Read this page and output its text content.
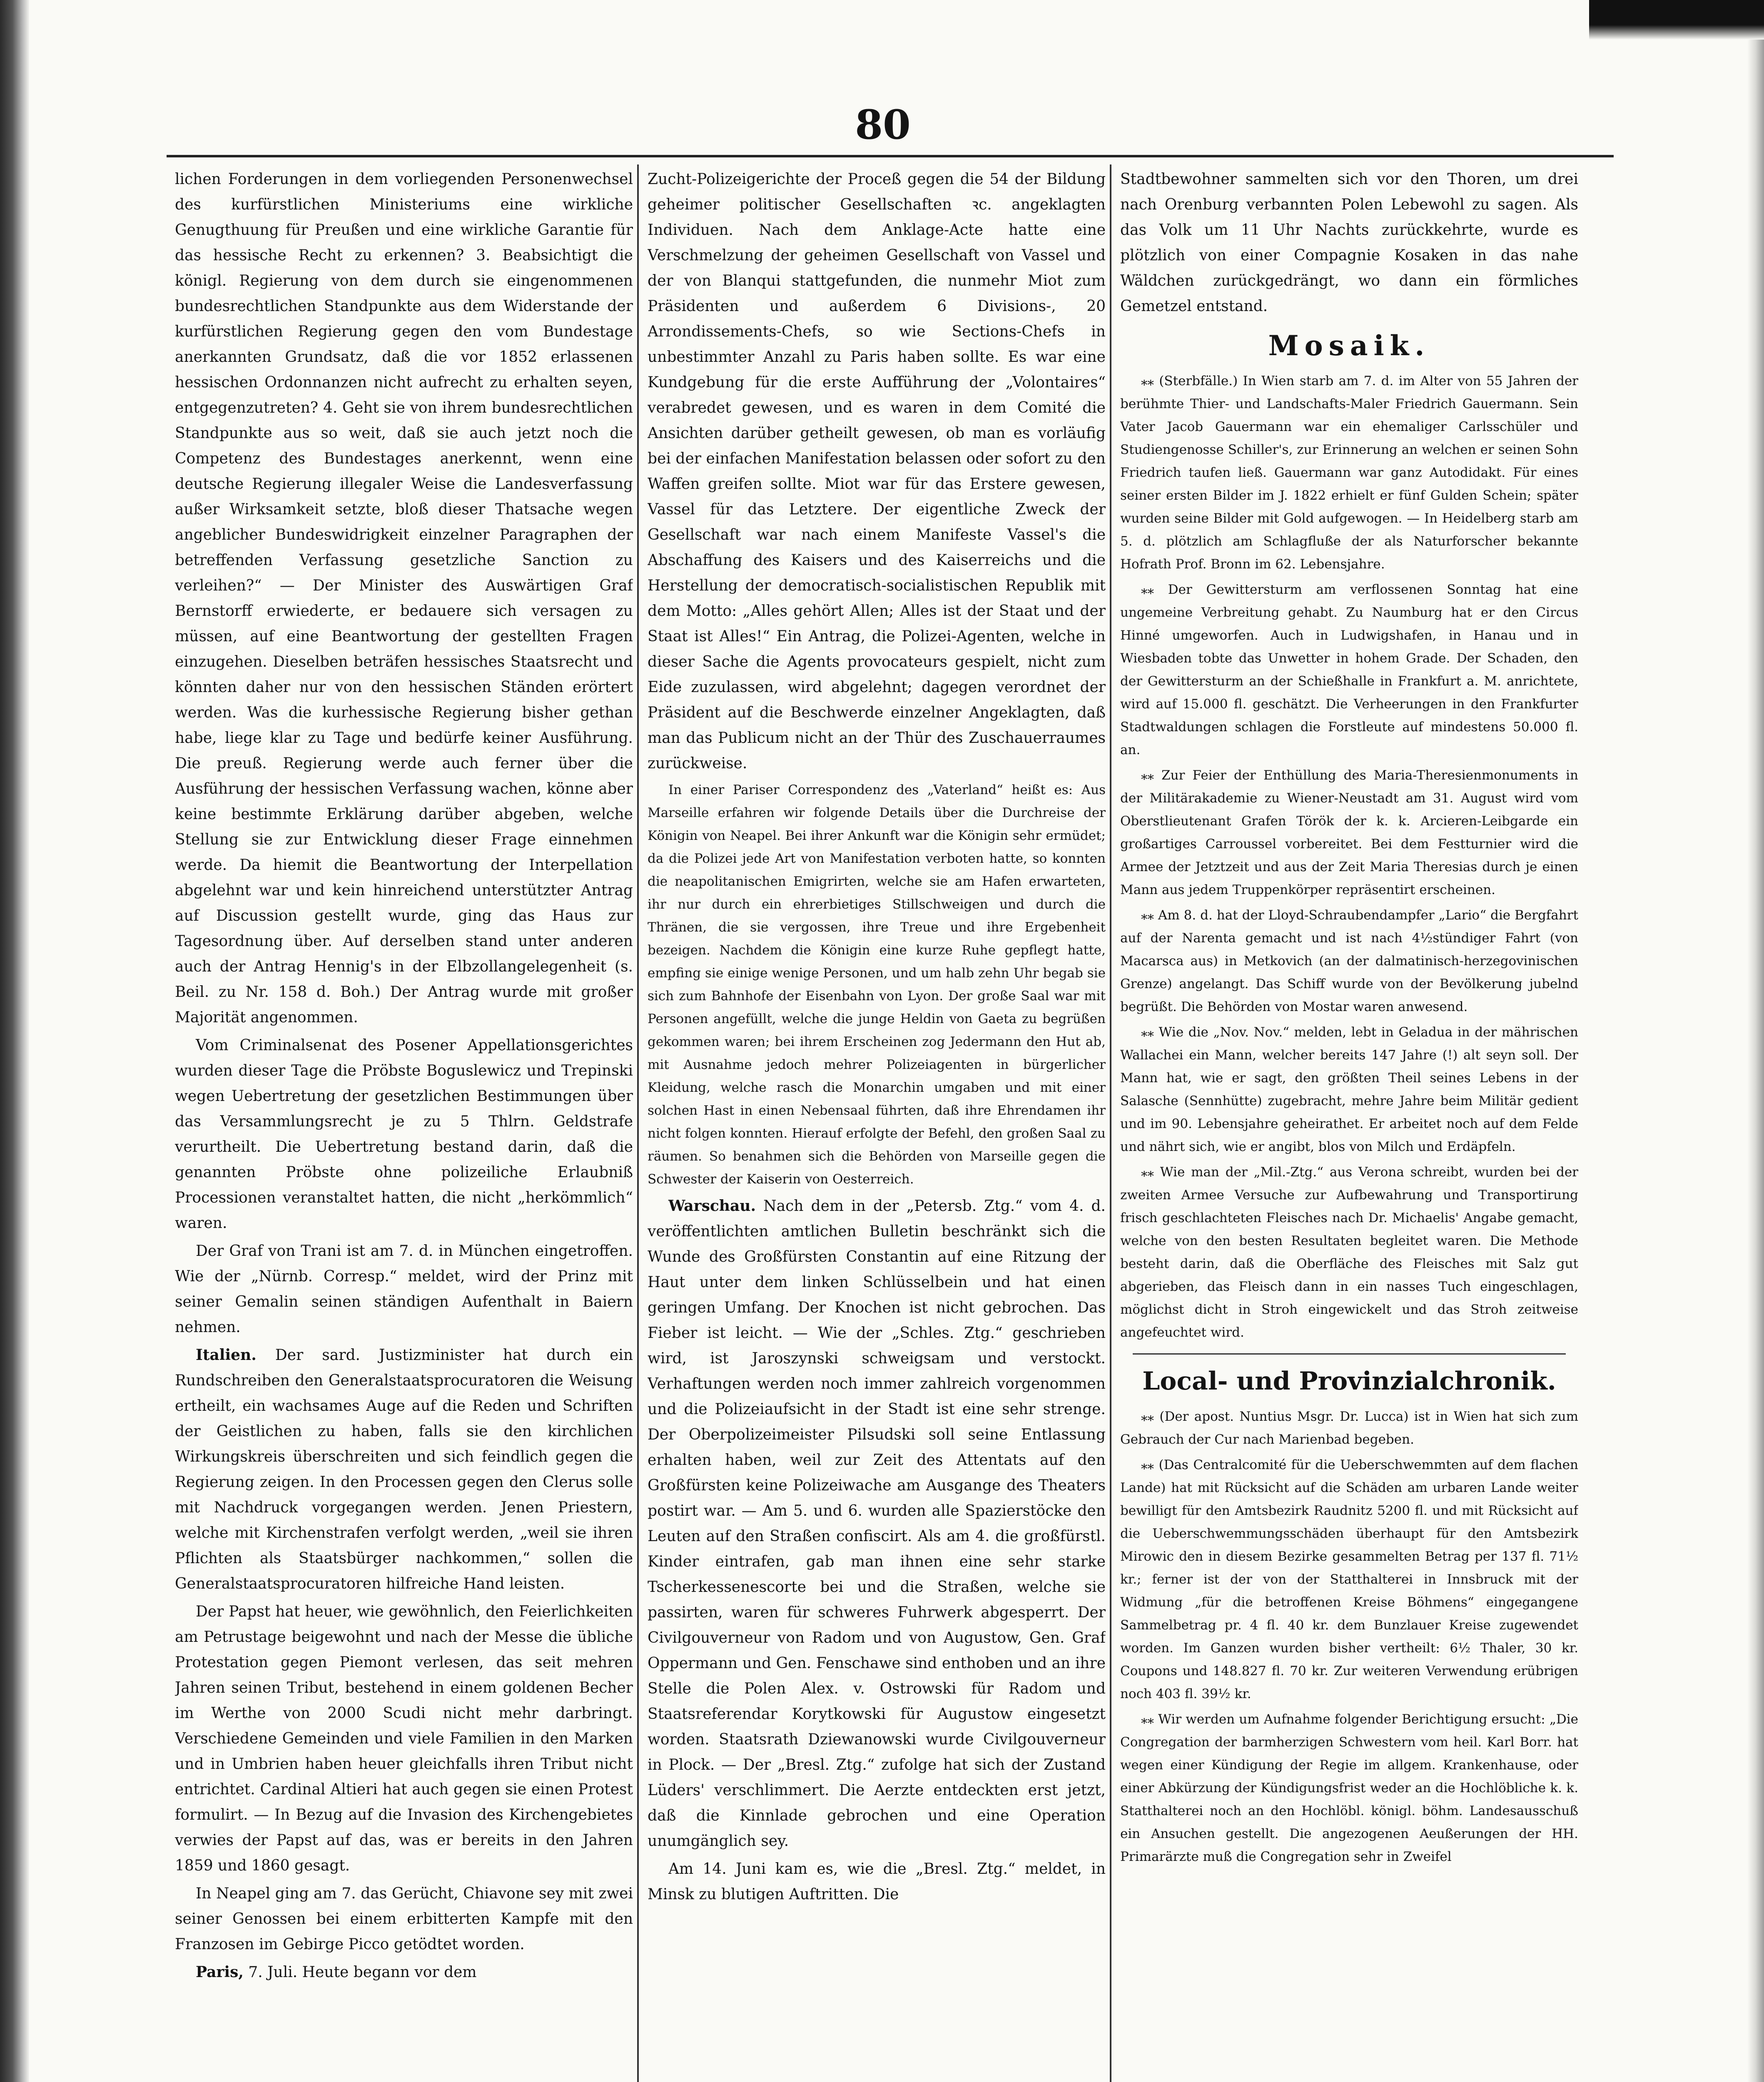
80

lichen Forderungen in dem vorliegenden Personenwechsel des kurfürstlichen Ministeriums eine wirkliche Genugthuung für Preußen und eine wirkliche Garantie für das hessische Recht zu erkennen? 3. Beabsichtigt die königl. Regierung von dem durch sie eingenommenen bundesrechtlichen Standpunkte aus dem Widerstande der kurfürstlichen Regierung gegen den vom Bundestage anerkannten Grundsatz, daß die vor 1852 erlassenen hessischen Ordonnanzen nicht aufrecht zu erhalten seyen, entgegenzutreten? 4. Geht sie von ihrem bundesrechtlichen Standpunkte aus so weit, daß sie auch jetzt noch die Competenz des Bundestages anerkennt, wenn eine deutsche Regierung illegaler Weise die Landesverfassung außer Wirksamkeit setzte, bloß dieser Thatsache wegen angeblicher Bundeswidrigkeit einzelner Paragraphen der betreffenden Verfassung gesetzliche Sanction zu verleihen?“ — Der Minister des Auswärtigen Graf Bernstorff erwiederte, er bedauere sich versagen zu müssen, auf eine Beantwortung der gestellten Fragen einzugehen. Dieselben beträfen hessisches Staatsrecht und könnten daher nur von den hessischen Ständen erörtert werden. Was die kurhessische Regierung bisher gethan habe, liege klar zu Tage und bedürfe keiner Ausführung. Die preuß. Regierung werde auch ferner über die Ausführung der hessischen Verfassung wachen, könne aber keine bestimmte Erklärung darüber abgeben, welche Stellung sie zur Entwicklung dieser Frage einnehmen werde. Da hiemit die Beantwortung der Interpellation abgelehnt war und kein hinreichend unterstützter Antrag auf Discussion gestellt wurde, ging das Haus zur Tagesordnung über. Auf derselben stand unter anderen auch der Antrag Hennig's in der Elbzollangelegenheit (s. Beil. zu Nr. 158 d. Boh.) Der Antrag wurde mit großer Majorität angenommen.

Vom Criminalsenat des Posener Appellationsgerichtes wurden dieser Tage die Pröbste Boguslewicz und Trepinski wegen Uebertretung der gesetzlichen Bestimmungen über das Versammlungsrecht je zu 5 Thlrn. Geldstrafe verurtheilt. Die Uebertretung bestand darin, daß die genannten Pröbste ohne polizeiliche Erlaubniß Processionen veranstaltet hatten, die nicht „herkömmlich“ waren.

Der Graf von Trani ist am 7. d. in München eingetroffen. Wie der „Nürnb. Corresp.“ meldet, wird der Prinz mit seiner Gemalin seinen ständigen Aufenthalt in Baiern nehmen.

Italien. Der sard. Justizminister hat durch ein Rundschreiben den Generalstaatsprocuratoren die Weisung ertheilt, ein wachsames Auge auf die Reden und Schriften der Geistlichen zu haben, falls sie den kirchlichen Wirkungskreis überschreiten und sich feindlich gegen die Regierung zeigen. In den Processen gegen den Clerus solle mit Nachdruck vorgegangen werden. Jenen Priestern, welche mit Kirchenstrafen verfolgt werden, „weil sie ihren Pflichten als Staatsbürger nachkommen,“ sollen die Generalstaatsprocuratoren hilfreiche Hand leisten.

Der Papst hat heuer, wie gewöhnlich, den Feierlichkeiten am Petrustage beigewohnt und nach der Messe die übliche Protestation gegen Piemont verlesen, das seit mehren Jahren seinen Tribut, bestehend in einem goldenen Becher im Werthe von 2000 Scudi nicht mehr darbringt. Verschiedene Gemeinden und viele Familien in den Marken und in Umbrien haben heuer gleichfalls ihren Tribut nicht entrichtet. Cardinal Altieri hat auch gegen sie einen Protest formulirt. — In Bezug auf die Invasion des Kirchengebietes verwies der Papst auf das, was er bereits in den Jahren 1859 und 1860 gesagt.

In Neapel ging am 7. das Gerücht, Chiavone sey mit zwei seiner Genossen bei einem erbitterten Kampfe mit den Franzosen im Gebirge Picco getödtet worden.

Paris, 7. Juli. Heute begann vor dem

Zucht-Polizeigerichte der Proceß gegen die 54 der Bildung geheimer politischer Gesellschaften ꝛc. angeklagten Individuen. Nach dem Anklage-Acte hatte eine Verschmelzung der geheimen Gesellschaft von Vassel und der von Blanqui stattgefunden, die nunmehr Miot zum Präsidenten und außerdem 6 Divisions-, 20 Arrondissements-Chefs, so wie Sections-Chefs in unbestimmter Anzahl zu Paris haben sollte. Es war eine Kundgebung für die erste Aufführung der „Volontaires“ verabredet gewesen, und es waren in dem Comité die Ansichten darüber getheilt gewesen, ob man es vorläufig bei der einfachen Manifestation belassen oder sofort zu den Waffen greifen sollte. Miot war für das Erstere gewesen, Vassel für das Letztere. Der eigentliche Zweck der Gesellschaft war nach einem Manifeste Vassel's die Abschaffung des Kaisers und des Kaiserreichs und die Herstellung der democratisch-socialistischen Republik mit dem Motto: „Alles gehört Allen; Alles ist der Staat und der Staat ist Alles!“ Ein Antrag, die Polizei-Agenten, welche in dieser Sache die Agents provocateurs gespielt, nicht zum Eide zuzulassen, wird abgelehnt; dagegen verordnet der Präsident auf die Beschwerde einzelner Angeklagten, daß man das Publicum nicht an der Thür des Zuschauerraumes zurückweise.

In einer Pariser Correspondenz des „Vaterland“ heißt es: Aus Marseille erfahren wir folgende Details über die Durchreise der Königin von Neapel. Bei ihrer Ankunft war die Königin sehr ermüdet; da die Polizei jede Art von Manifestation verboten hatte, so konnten die neapolitanischen Emigrirten, welche sie am Hafen erwarteten, ihr nur durch ein ehrerbietiges Stillschweigen und durch die Thränen, die sie vergossen, ihre Treue und ihre Ergebenheit bezeigen. Nachdem die Königin eine kurze Ruhe gepflegt hatte, empfing sie einige wenige Personen, und um halb zehn Uhr begab sie sich zum Bahnhofe der Eisenbahn von Lyon. Der große Saal war mit Personen angefüllt, welche die junge Heldin von Gaeta zu begrüßen gekommen waren; bei ihrem Erscheinen zog Jedermann den Hut ab, mit Ausnahme jedoch mehrer Polizeiagenten in bürgerlicher Kleidung, welche rasch die Monarchin umgaben und mit einer solchen Hast in einen Nebensaal führten, daß ihre Ehrendamen ihr nicht folgen konnten. Hierauf erfolgte der Befehl, den großen Saal zu räumen. So benahmen sich die Behörden von Marseille gegen die Schwester der Kaiserin von Oesterreich.

Warschau. Nach dem in der „Petersb. Ztg.“ vom 4. d. veröffentlichten amtlichen Bulletin beschränkt sich die Wunde des Großfürsten Constantin auf eine Ritzung der Haut unter dem linken Schlüsselbein und hat einen geringen Umfang. Der Knochen ist nicht gebrochen. Das Fieber ist leicht. — Wie der „Schles. Ztg.“ geschrieben wird, ist Jaroszynski schweigsam und verstockt. Verhaftungen werden noch immer zahlreich vorgenommen und die Polizeiaufsicht in der Stadt ist eine sehr strenge. Der Oberpolizeimeister Pilsudski soll seine Entlassung erhalten haben, weil zur Zeit des Attentats auf den Großfürsten keine Polizeiwache am Ausgange des Theaters postirt war. — Am 5. und 6. wurden alle Spazierstöcke den Leuten auf den Straßen confiscirt. Als am 4. die großfürstl. Kinder eintrafen, gab man ihnen eine sehr starke Tscherkessenescorte bei und die Straßen, welche sie passirten, waren für schweres Fuhrwerk abgesperrt. Der Civilgouverneur von Radom und von Augustow, Gen. Graf Oppermann und Gen. Fenschawe sind enthoben und an ihre Stelle die Polen Alex. v. Ostrowski für Radom und Staatsreferendar Korytkowski für Augustow eingesetzt worden. Staatsrath Dziewanowski wurde Civilgouverneur in Plock. — Der „Bresl. Ztg.“ zufolge hat sich der Zustand Lüders' verschlimmert. Die Aerzte entdeckten erst jetzt, daß die Kinnlade gebrochen und eine Operation unumgänglich sey.

Am 14. Juni kam es, wie die „Bresl. Ztg.“ meldet, in Minsk zu blutigen Auftritten. Die

Stadtbewohner sammelten sich vor den Thoren, um drei nach Orenburg verbannten Polen Lebewohl zu sagen. Als das Volk um 11 Uhr Nachts zurückkehrte, wurde es plötzlich von einer Compagnie Kosaken in das nahe Wäldchen zurückgedrängt, wo dann ein förmliches Gemetzel entstand.

Mosaik.

⁎⁎ (Sterbfälle.) In Wien starb am 7. d. im Alter von 55 Jahren der berühmte Thier- und Landschafts-Maler Friedrich Gauermann. Sein Vater Jacob Gauermann war ein ehemaliger Carlsschüler und Studiengenosse Schiller's, zur Erinnerung an welchen er seinen Sohn Friedrich taufen ließ. Gauermann war ganz Autodidakt. Für eines seiner ersten Bilder im J. 1822 erhielt er fünf Gulden Schein; später wurden seine Bilder mit Gold aufgewogen. — In Heidelberg starb am 5. d. plötzlich am Schlagfluße der als Naturforscher bekannte Hofrath Prof. Bronn im 62. Lebensjahre.

⁎⁎ Der Gewittersturm am verflossenen Sonntag hat eine ungemeine Verbreitung gehabt. Zu Naumburg hat er den Circus Hinné umgeworfen. Auch in Ludwigshafen, in Hanau und in Wiesbaden tobte das Unwetter in hohem Grade. Der Schaden, den der Gewittersturm an der Schießhalle in Frankfurt a. M. anrichtete, wird auf 15.000 fl. geschätzt. Die Verheerungen in den Frankfurter Stadtwaldungen schlagen die Forstleute auf mindestens 50.000 fl. an.

⁎⁎ Zur Feier der Enthüllung des Maria-Theresienmonuments in der Militärakademie zu Wiener-Neustadt am 31. August wird vom Oberstlieutenant Grafen Török der k. k. Arcieren-Leibgarde ein großartiges Carroussel vorbereitet. Bei dem Festturnier wird die Armee der Jetztzeit und aus der Zeit Maria Theresias durch je einen Mann aus jedem Truppenkörper repräsentirt erscheinen.

⁎⁎ Am 8. d. hat der Lloyd-Schraubendampfer „Lario“ die Bergfahrt auf der Narenta gemacht und ist nach 4½stündiger Fahrt (von Macarsca aus) in Metkovich (an der dalmatinisch-herzegovinischen Grenze) angelangt. Das Schiff wurde von der Bevölkerung jubelnd begrüßt. Die Behörden von Mostar waren anwesend.

⁎⁎ Wie die „Nov. Nov.“ melden, lebt in Geladua in der mährischen Wallachei ein Mann, welcher bereits 147 Jahre (!) alt seyn soll. Der Mann hat, wie er sagt, den größten Theil seines Lebens in der Salasche (Sennhütte) zugebracht, mehre Jahre beim Militär gedient und im 90. Lebensjahre geheirathet. Er arbeitet noch auf dem Felde und nährt sich, wie er angibt, blos von Milch und Erdäpfeln.

⁎⁎ Wie man der „Mil.-Ztg.“ aus Verona schreibt, wurden bei der zweiten Armee Versuche zur Aufbewahrung und Transportirung frisch geschlachteten Fleisches nach Dr. Michaelis' Angabe gemacht, welche von den besten Resultaten begleitet waren. Die Methode besteht darin, daß die Oberfläche des Fleisches mit Salz gut abgerieben, das Fleisch dann in ein nasses Tuch eingeschlagen, möglichst dicht in Stroh eingewickelt und das Stroh zeitweise angefeuchtet wird.

Local- und Provinzialchronik.

⁎⁎ (Der apost. Nuntius Msgr. Dr. Lucca) ist in Wien hat sich zum Gebrauch der Cur nach Marienbad begeben.

⁎⁎ (Das Centralcomité für die Ueberschwemmten auf dem flachen Lande) hat mit Rücksicht auf die Schäden am urbaren Lande weiter bewilligt für den Amtsbezirk Raudnitz 5200 fl. und mit Rücksicht auf die Ueberschwemmungsschäden überhaupt für den Amtsbezirk Mirowic den in diesem Bezirke gesammelten Betrag per 137 fl. 71½ kr.; ferner ist der von der Statthalterei in Innsbruck mit der Widmung „für die betroffenen Kreise Böhmens“ eingegangene Sammelbetrag pr. 4 fl. 40 kr. dem Bunzlauer Kreise zugewendet worden. Im Ganzen wurden bisher vertheilt: 6½ Thaler, 30 kr. Coupons und 148.827 fl. 70 kr. Zur weiteren Verwendung erübrigen noch 403 fl. 39½ kr.

⁎⁎ Wir werden um Aufnahme folgender Berichtigung ersucht: „Die Congregation der barmherzigen Schwestern vom heil. Karl Borr. hat wegen einer Kündigung der Regie im allgem. Krankenhause, oder einer Abkürzung der Kündigungsfrist weder an die Hochlöbliche k. k. Statthalterei noch an den Hochlöbl. königl. böhm. Landesausschuß ein Ansuchen gestellt. Die angezogenen Aeußerungen der HH. Primarärzte muß die Congregation sehr in Zweifel
